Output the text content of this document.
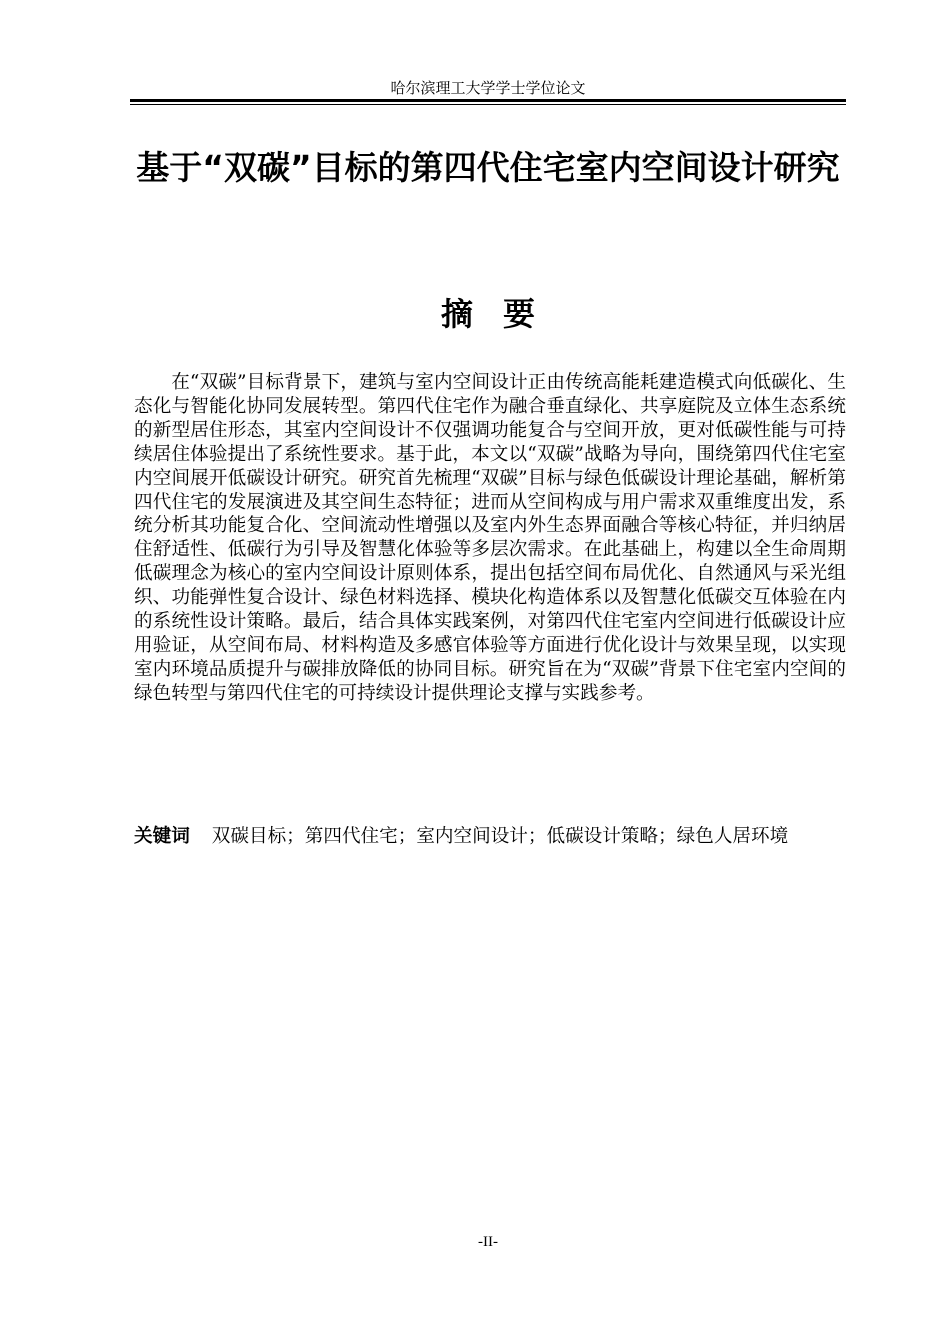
哈尔滨理工大学学士学位论文
基于“双碳”目标的第四代住宅室内空间设计研究
摘要

在“双碳”目标背景下，建筑与室内空间设计正由传统高能耗建造模式向低碳化、生态化与智能化协同发展转型。第四代住宅作为融合垂直绿化、共享庭院及立体生态系统的新型居住形态，其室内空间设计不仅强调功能复合与空间开放，更对低碳性能与可持续居住体验提出了系统性要求。基于此，本文以“双碳”战略为导向，围绕第四代住宅室内空间展开低碳设计研究。研究首先梳理“双碳”目标与绿色低碳设计理论基础，解析第四代住宅的发展演进及其空间生态特征；进而从空间构成与用户需求双重维度出发，系统分析其功能复合化、空间流动性增强以及室内外生态界面融合等核心特征，并归纳居住舒适性、低碳行为引导及智慧化体验等多层次需求。在此基础上，构建以全生命周期低碳理念为核心的室内空间设计原则体系，提出包括空间布局优化、自然通风与采光组织、功能弹性复合设计、绿色材料选择、模块化构造体系以及智慧化低碳交互体验在内的系统性设计策略。最后，结合具体实践案例，对第四代住宅室内空间进行低碳设计应用验证，从空间布局、材料构造及多感官体验等方面进行优化设计与效果呈现，以实现室内环境品质提升与碳排放降低的协同目标。研究旨在为“双碳”背景下住宅室内空间的绿色转型与第四代住宅的可持续设计提供理论支撑与实践参考。

关键词 双碳目标；第四代住宅；室内空间设计；低碳设计策略；绿色人居环境

-II-
